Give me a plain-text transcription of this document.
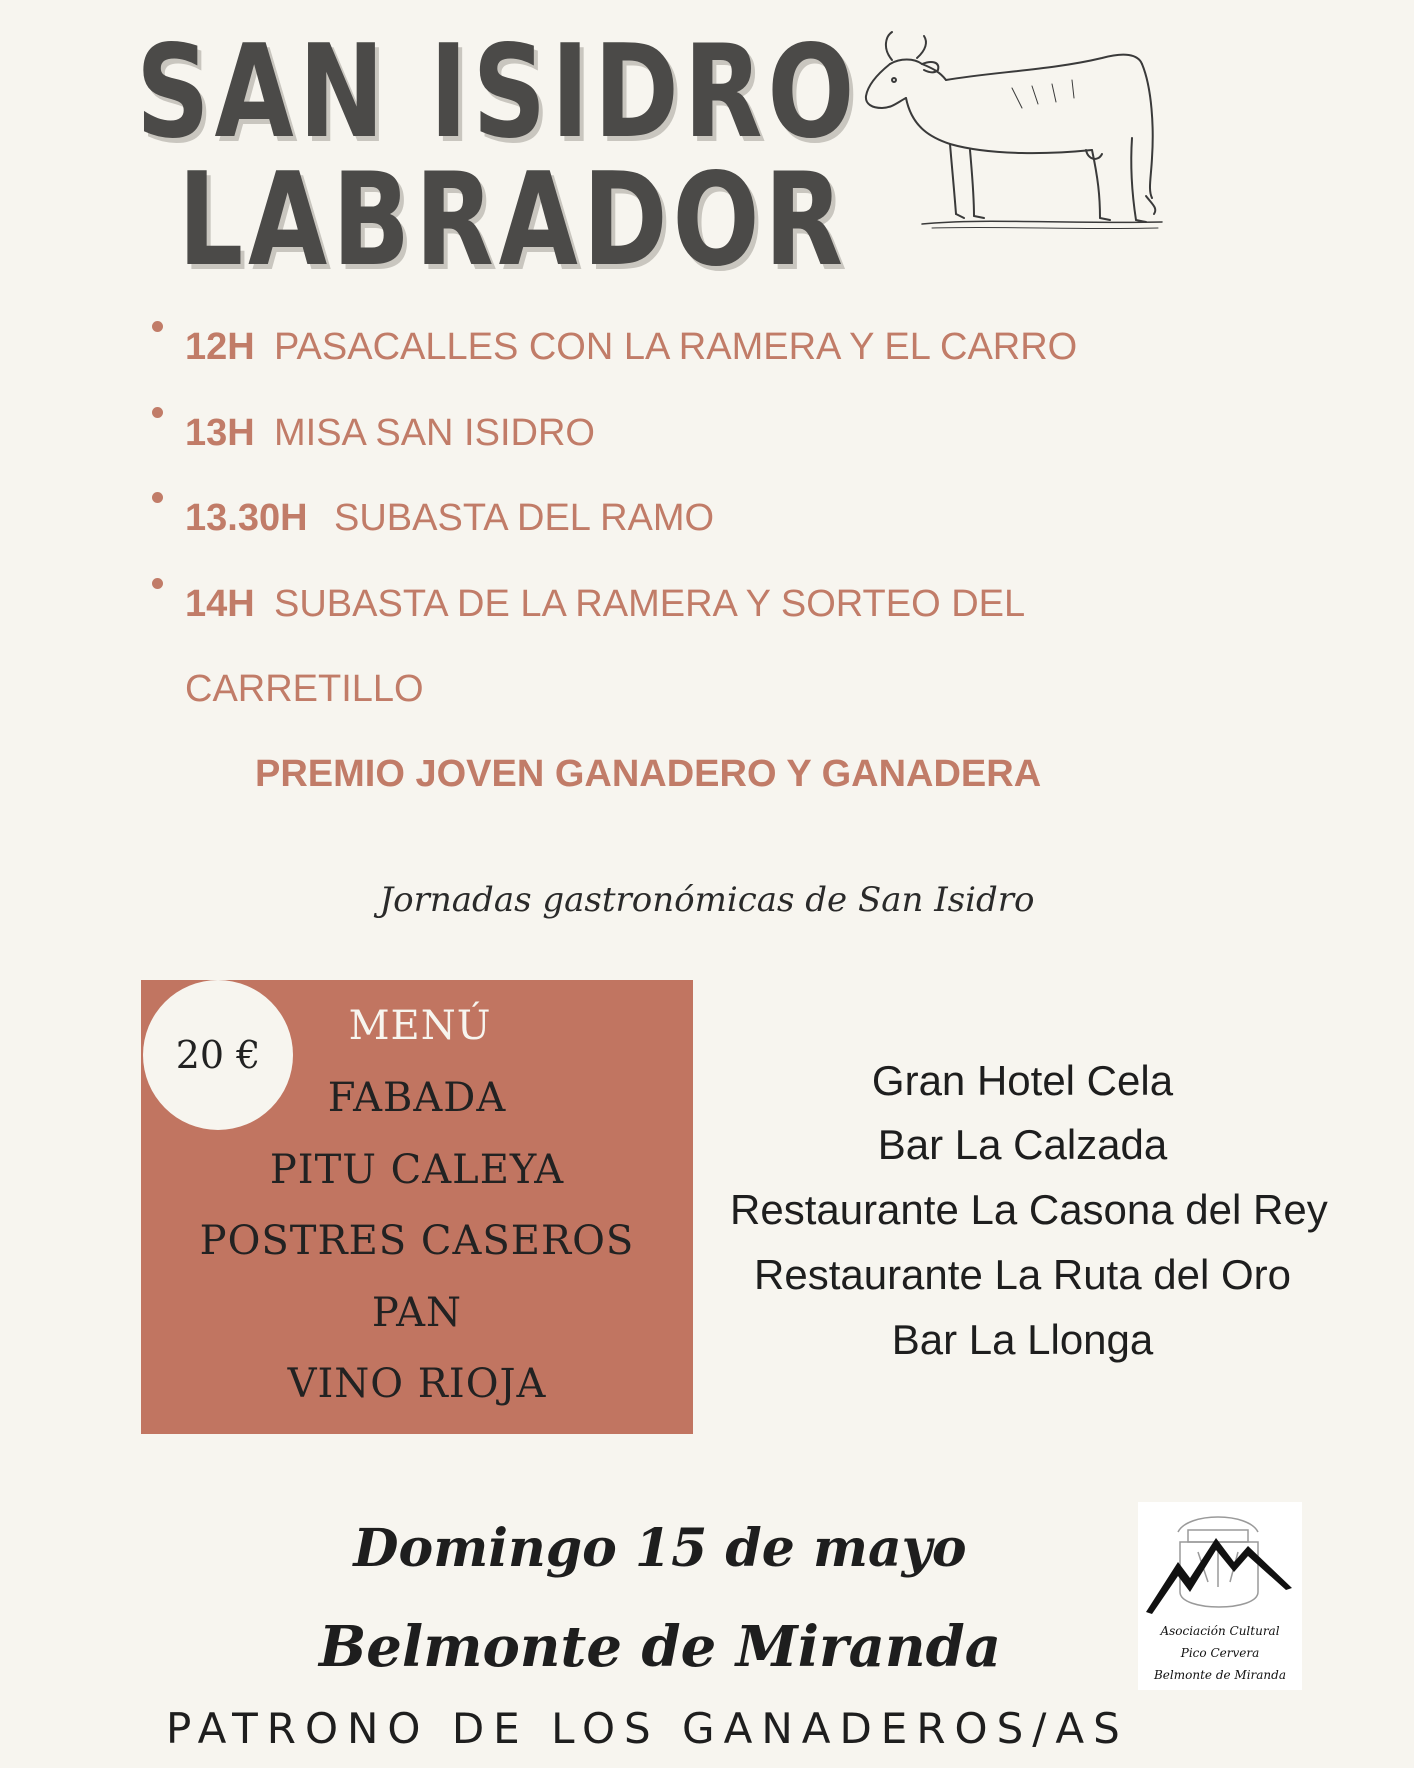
SAN ISIDRO
LABRADOR
12H PASACALLES CON LA RAMERA Y EL CARRO
13H MISA SAN ISIDRO
13.30H SUBASTA DEL RAMO
14H SUBASTA DE LA RAMERA Y SORTEO DEL
CARRETILLO
PREMIO JOVEN GANADERO Y GANADERA
Jornadas gastronómicas de San Isidro
20 €
MENÚ
FABADA
PITU CALEYA
POSTRES CASEROS
PAN
VINO RIOJA
Gran Hotel Cela
Bar La Calzada
Restaurante La Casona del Rey
Restaurante La Ruta del Oro
Bar La Llonga
Domingo 15 de mayo
Belmonte de Miranda
PATRONO DE LOS GANADEROS/AS
Asociación Cultural
Pico Cervera
Belmonte de Miranda
